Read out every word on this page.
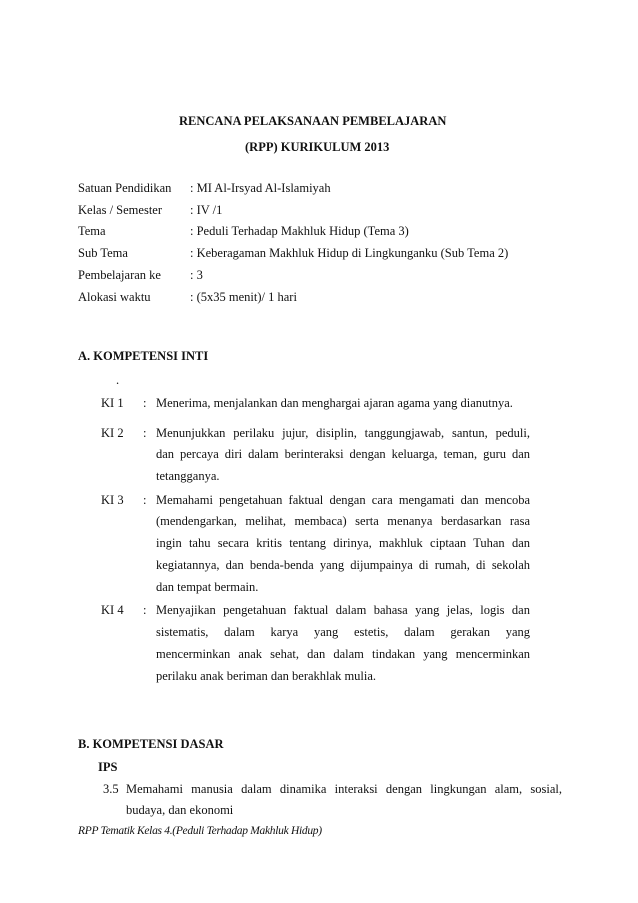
RENCANA PELAKSANAAN PEMBELAJARAN
(RPP) KURIKULUM 2013
Satuan Pendidikan : MI Al-Irsyad Al-Islamiyah
Kelas / Semester : IV /1
Tema	: Peduli Terhadap Makhluk Hidup (Tema 3)
Sub Tema	: Keberagaman Makhluk Hidup di Lingkunganku (Sub Tema 2)
Pembelajaran ke : 3
Alokasi waktu	: (5x35 menit)/ 1 hari
A. KOMPETENSI INTI
.
KI 1	: Menerima, menjalankan dan menghargai ajaran agama yang dianutnya.
KI 2	: Menunjukkan perilaku jujur, disiplin, tanggungjawab, santun, peduli,
dan percaya diri dalam berinteraksi dengan keluarga, teman, guru dan
tetangganya.
KI 3	: Memahami pengetahuan faktual dengan cara mengamati dan mencoba
(mendengarkan, melihat, membaca) serta menanya berdasarkan rasa
ingin tahu secara kritis tentang dirinya, makhluk ciptaan Tuhan dan
kegiatannya, dan benda-benda yang dijumpainya di rumah, di sekolah
dan tempat bermain.
KI 4	: Menyajikan pengetahuan faktual dalam bahasa yang jelas, logis dan
sistematis, dalam karya yang estetis, dalam gerakan yang
mencerminkan anak sehat, dan dalam tindakan yang mencerminkan
perilaku anak beriman dan berakhlak mulia.
B. KOMPETENSI DASAR
IPS
3.5 Memahami manusia dalam dinamika interaksi dengan lingkungan alam, sosial,
budaya, dan ekonomi
RPP Tematik Kelas 4.(Peduli Terhadap Makhluk Hidup)
